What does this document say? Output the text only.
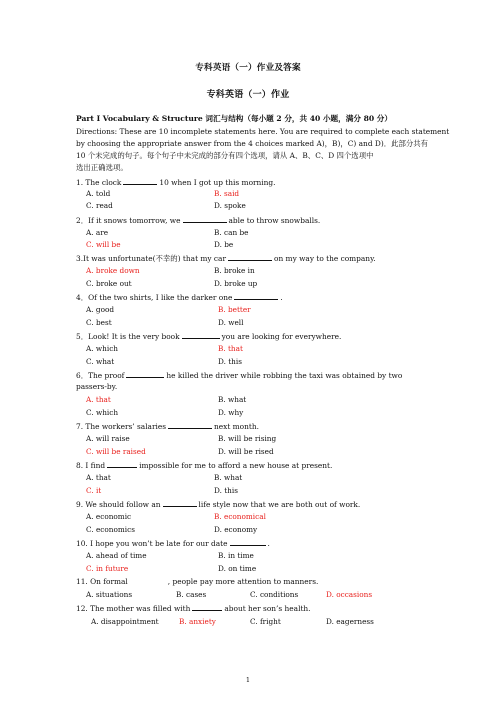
专科英语（一）作业及答案
专科英语（一）作业
Part I Vocabulary & Structure 词汇与结构（每小题 2 分，共 40 小题，满分 80 分）
Directions: These are 10 incomplete statements here. You are required to complete each statement
by choosing the appropriate answer from the 4 choices marked A)，B)，C) and D)．此部分共有
10 个未完成的句子。每个句子中未完成的部分有四个选项，请从 A、B、C、D 四个选项中
选出正确选项。
1. The clock	10 when I got up this morning.
A. told	B. said
C. read	D. spoke
2．If it snows tomorrow, we	able to throw snowballs.
A. are	B. can be
C. will be	D. be
3.It was unfortunate(不幸的) that my car	on my way to the company.
A. broke down	B. broke in
C. broke out	D. broke up
4．Of the two shirts, I like the darker one	.
A. good	B. better
C. best	D. well
5．Look! It is the very book	you are looking for everywhere.
A. which	B. that
C. what	D. this
6．The proof	he killed the driver while robbing the taxi was obtained by two
passers-by.
A. that	B. what
C. which	D. why
7. The workers’ salaries	next month.
A. will raise	B. will be rising
C. will be raised	D. will be rised
8. I find	impossible for me to afford a new house at present.
A. that	B. what
C. it	D. this
9. We should follow an	life style now that we are both out of work.
A. economic	B. economical
C. economics	D. economy
10. I hope you won’t be late for our date	.
A. ahead of time	B. in time
C. in future	D. on time
11. On formal	, people pay more attention to manners.
A. situations	B. cases	C. conditions	D. occasions
12. The mother was filled with	about her son’s health.
A. disappointment	B. anxiety	C. fright	D. eagerness
1
